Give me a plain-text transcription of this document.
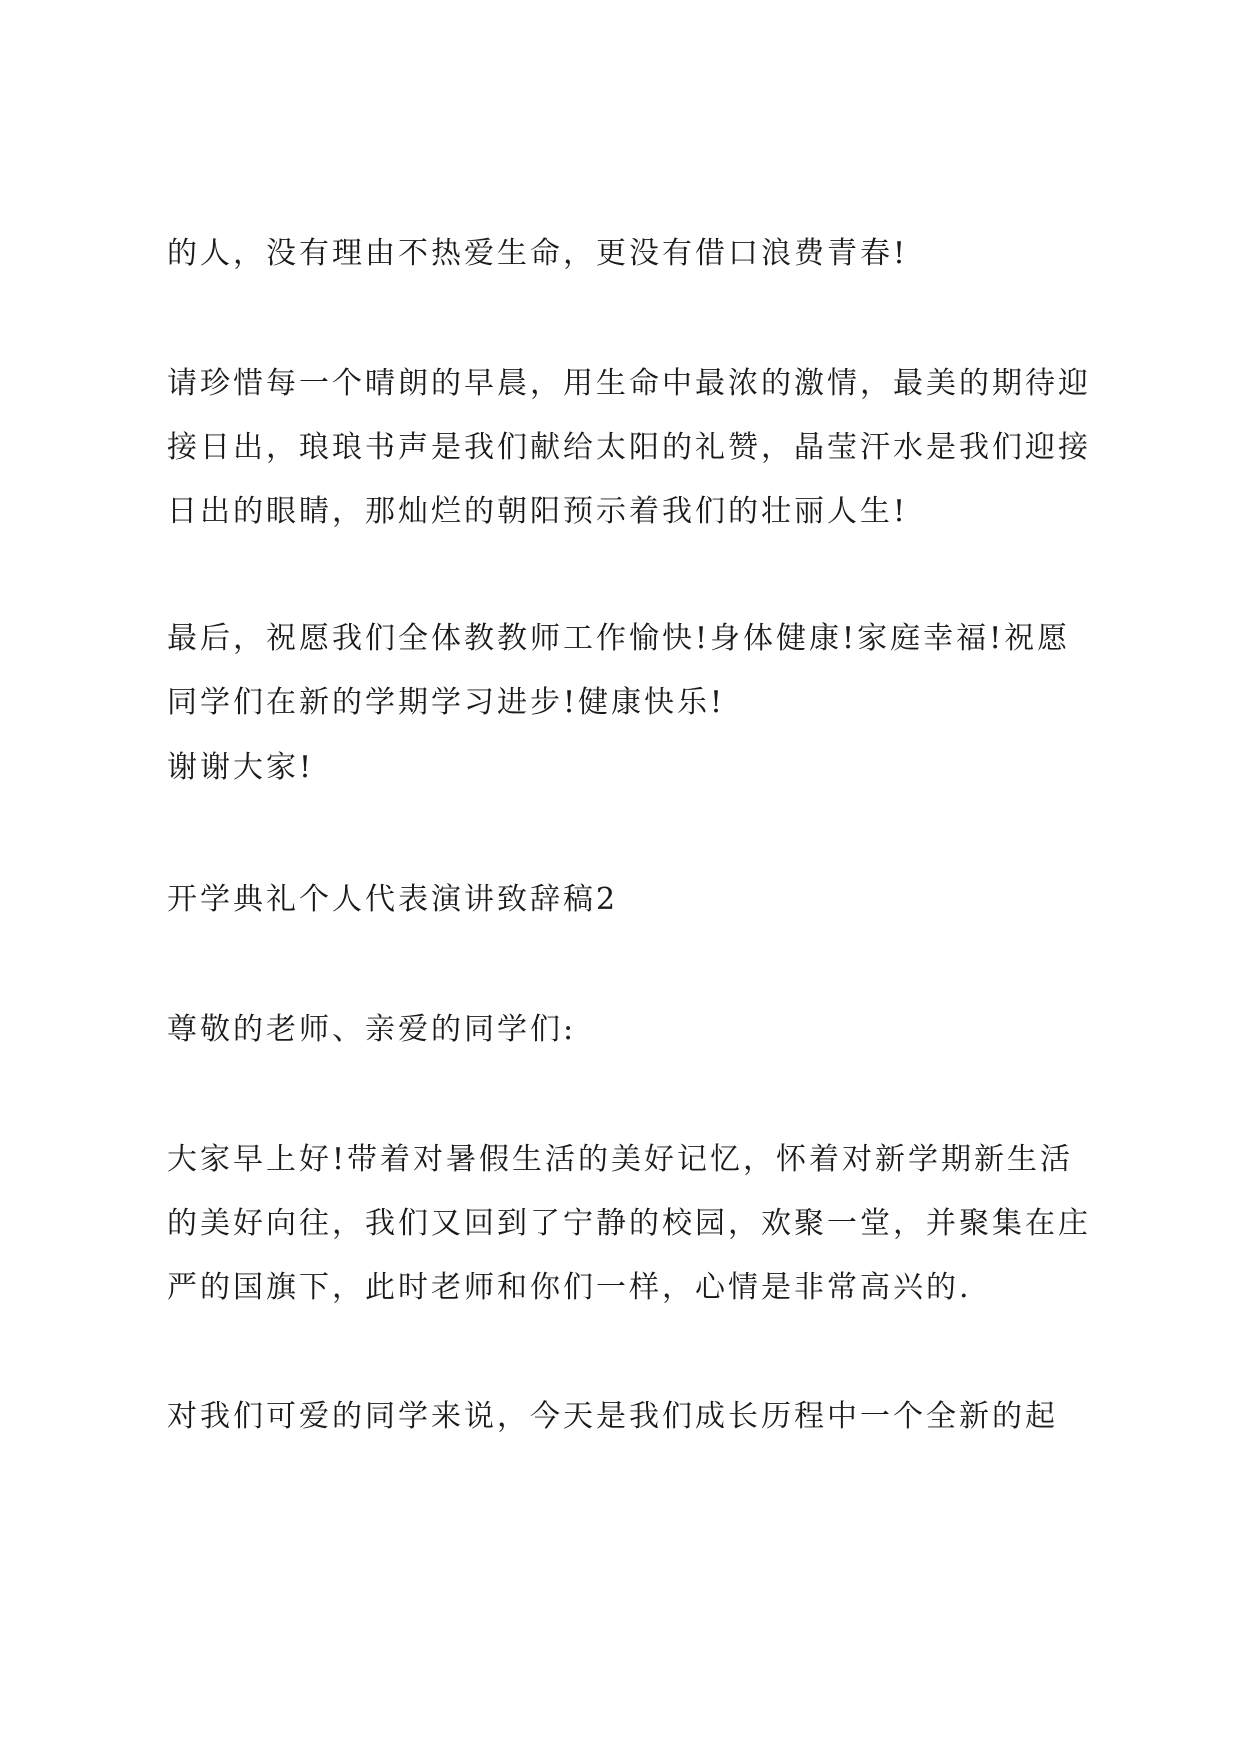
的人，没有理由不热爱生命，更没有借口浪费青春!

请珍惜每一个晴朗的早晨，用生命中最浓的激情，最美的期待迎
接日出，琅琅书声是我们献给太阳的礼赞，晶莹汗水是我们迎接
日出的眼睛，那灿烂的朝阳预示着我们的壮丽人生!

最后，祝愿我们全体教教师工作愉快!身体健康!家庭幸福!祝愿
同学们在新的学期学习进步!健康快乐!

谢谢大家!

开学典礼个人代表演讲致辞稿2

尊敬的老师、亲爱的同学们:

大家早上好!带着对暑假生活的美好记忆，怀着对新学期新生活
的美好向往，我们又回到了宁静的校园，欢聚一堂，并聚集在庄
严的国旗下，此时老师和你们一样，心情是非常高兴的.

对我们可爱的同学来说，今天是我们成长历程中一个全新的起
